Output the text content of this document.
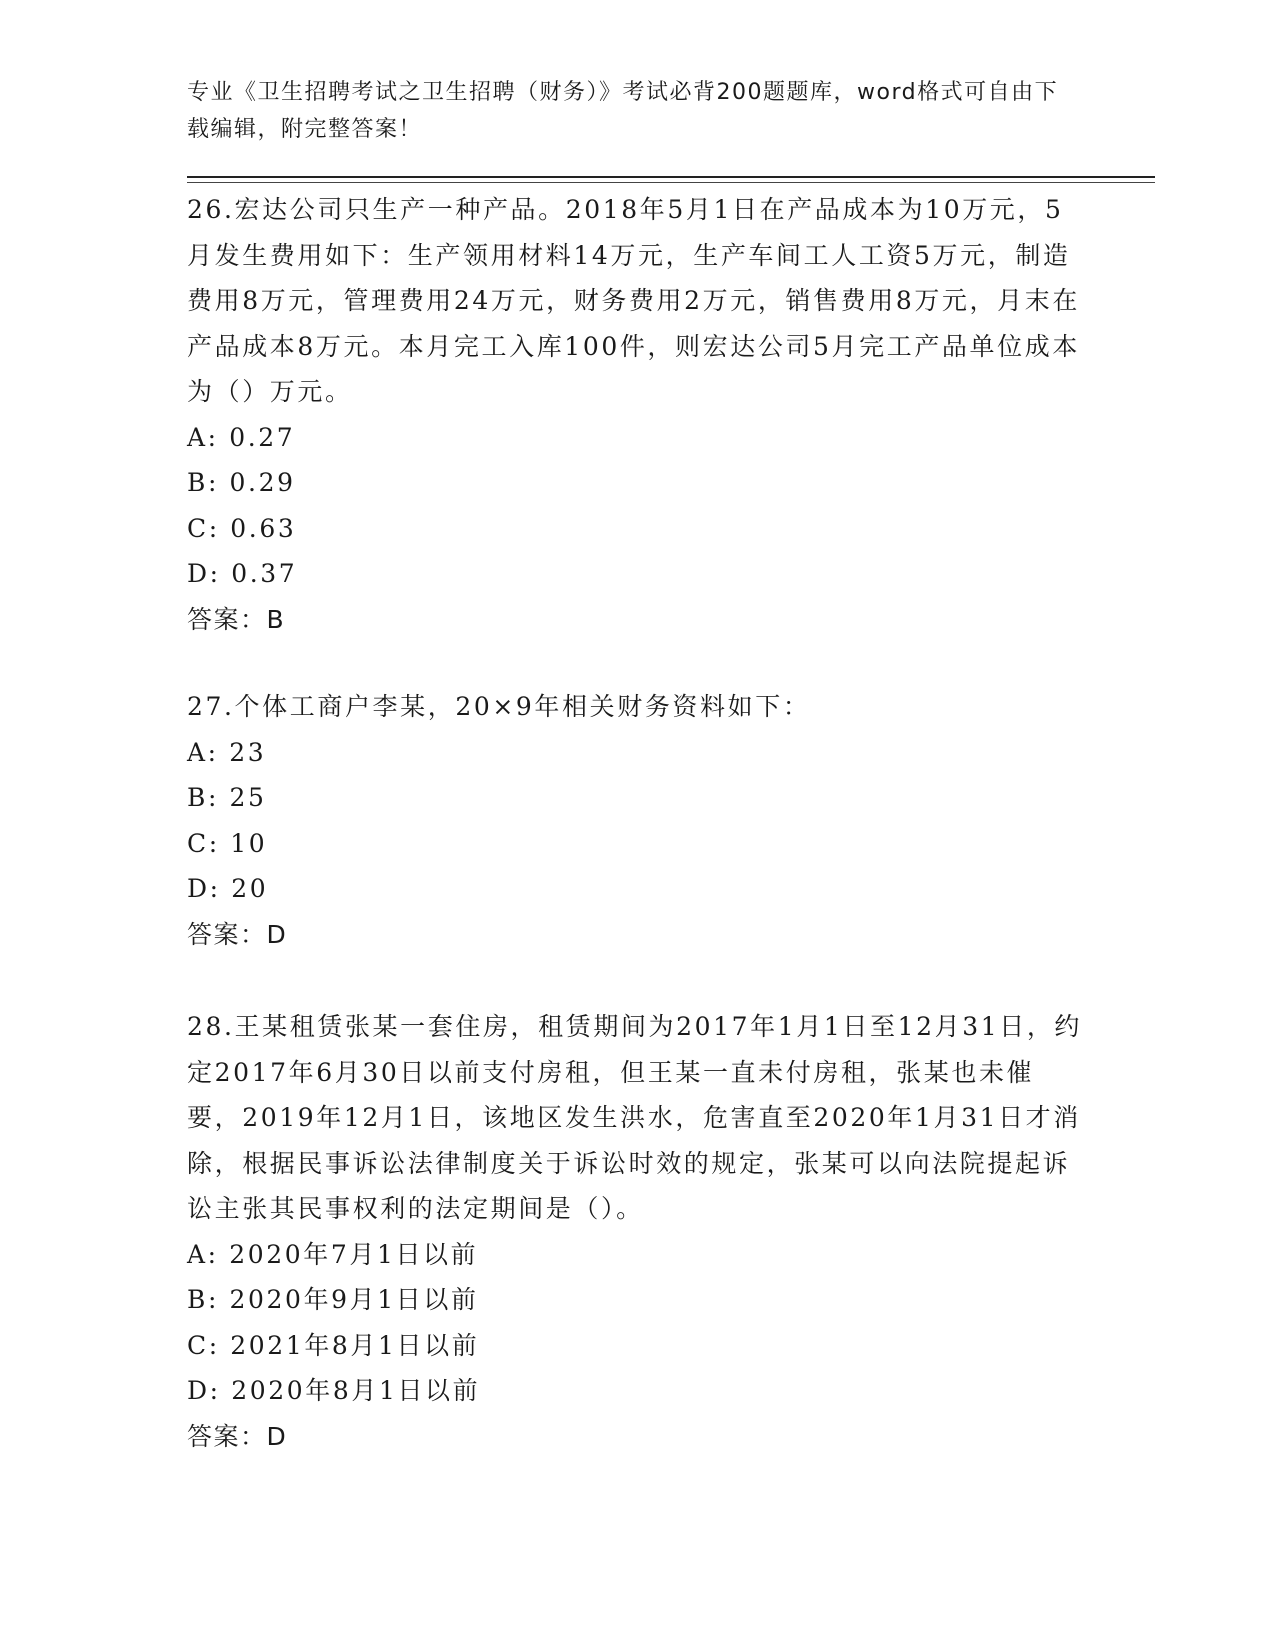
专业《卫生招聘考试之卫生招聘（财务）》考试必背200题题库，word格式可自由下载编辑，附完整答案！

26.宏达公司只生产一种产品。2018年5月1日在产品成本为10万元，5月发生费用如下：生产领用材料14万元，生产车间工人工资5万元，制造费用8万元，管理费用24万元，财务费用2万元，销售费用8万元，月末在产品成本8万元。本月完工入库100件，则宏达公司5月完工产品单位成本为（）万元。

A: 0.27

B: 0.29

C: 0.63

D: 0.37

答案：B

27.个体工商户李某，20×9年相关财务资料如下：

A: 23

B: 25

C: 10

D: 20

答案：D

28.王某租赁张某一套住房，租赁期间为2017年1月1日至12月31日，约定2017年6月30日以前支付房租，但王某一直未付房租，张某也未催要，2019年12月1日，该地区发生洪水，危害直至2020年1月31日才消除，根据民事诉讼法律制度关于诉讼时效的规定，张某可以向法院提起诉讼主张其民事权利的法定期间是（）。

A: 2020年7月1日以前

B: 2020年9月1日以前

C: 2021年8月1日以前

D: 2020年8月1日以前

答案：D
